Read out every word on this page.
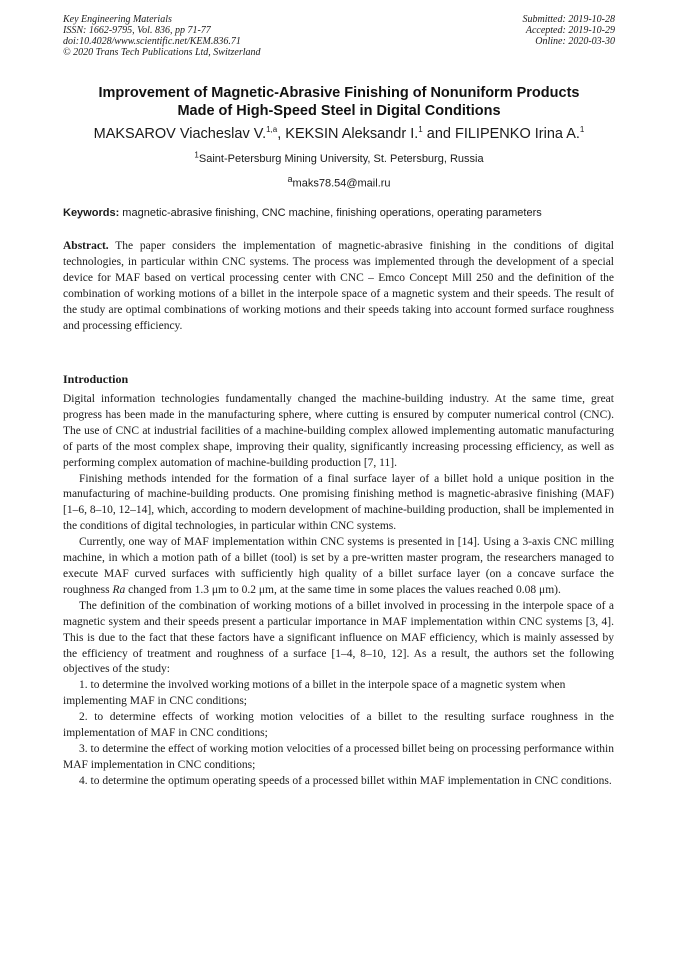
Key Engineering Materials
ISSN: 1662-9795, Vol. 836, pp 71-77
doi:10.4028/www.scientific.net/KEM.836.71
© 2020 Trans Tech Publications Ltd, Switzerland
Submitted: 2019-10-28
Accepted: 2019-10-29
Online: 2020-03-30
Improvement of Magnetic-Abrasive Finishing of Nonuniform Products
Made of High-Speed Steel in Digital Conditions
MAKSAROV Viacheslav V.$^{1,a}$, KEKSIN Aleksandr I.$^1$ and FILIPENKO Irina A.$^1$
$^1$Saint-Petersburg Mining University, St. Petersburg, Russia
$^a$maks78.54@mail.ru
Keywords: magnetic-abrasive finishing, CNC machine, finishing operations, operating parameters
Abstract. The paper considers the implementation of magnetic-abrasive finishing in the conditions of digital technologies, in particular within CNC systems. The process was implemented through the development of a special device for MAF based on vertical processing center with CNC – Emco Concept Mill 250 and the definition of the combination of working motions of a billet in the interpole space of a magnetic system and their speeds. The result of the study are optimal combinations of working motions and their speeds taking into account formed surface roughness and processing efficiency.
Introduction

Digital information technologies fundamentally changed the machine-building industry. At the same time, great progress has been made in the manufacturing sphere, where cutting is ensured by computer numerical control (CNC). The use of CNC at industrial facilities of a machine-building complex allowed implementing automatic manufacturing of parts of the most complex shape, improving their quality, significantly increasing processing efficiency, as well as performing complex automation of machine-building production [7, 11].

Finishing methods intended for the formation of a final surface layer of a billet hold a unique position in the manufacturing of machine-building products. One promising finishing method is magnetic-abrasive finishing (MAF) [1–6, 8–10, 12–14], which, according to modern development of machine-building production, shall be implemented in the conditions of digital technologies, in particular within CNC systems.

Currently, one way of MAF implementation within CNC systems is presented in [14]. Using a 3-axis CNC milling machine, in which a motion path of a billet (tool) is set by a pre-written master program, the researchers managed to execute MAF curved surfaces with sufficiently high quality of a billet surface layer (on a concave surface the roughness Ra changed from 1.3 μm to 0.2 μm, at the same time in some places the values reached 0.08 μm).

The definition of the combination of working motions of a billet involved in processing in the interpole space of a magnetic system and their speeds present a particular importance in MAF implementation within CNC systems [3, 4]. This is due to the fact that these factors have a significant influence on MAF efficiency, which is mainly assessed by the efficiency of treatment and roughness of a surface [1–4, 8–10, 12]. As a result, the authors set the following objectives of the study:

1. to determine the involved working motions of a billet in the interpole space of a magnetic system when

implementing MAF in CNC conditions;

2. to determine effects of working motion velocities of a billet to the resulting surface roughness in the implementation of MAF in CNC conditions;

3. to determine the effect of working motion velocities of a processed billet being on processing performance within MAF implementation in CNC conditions;

4. to determine the optimum operating speeds of a processed billet within MAF implementation in CNC conditions.
